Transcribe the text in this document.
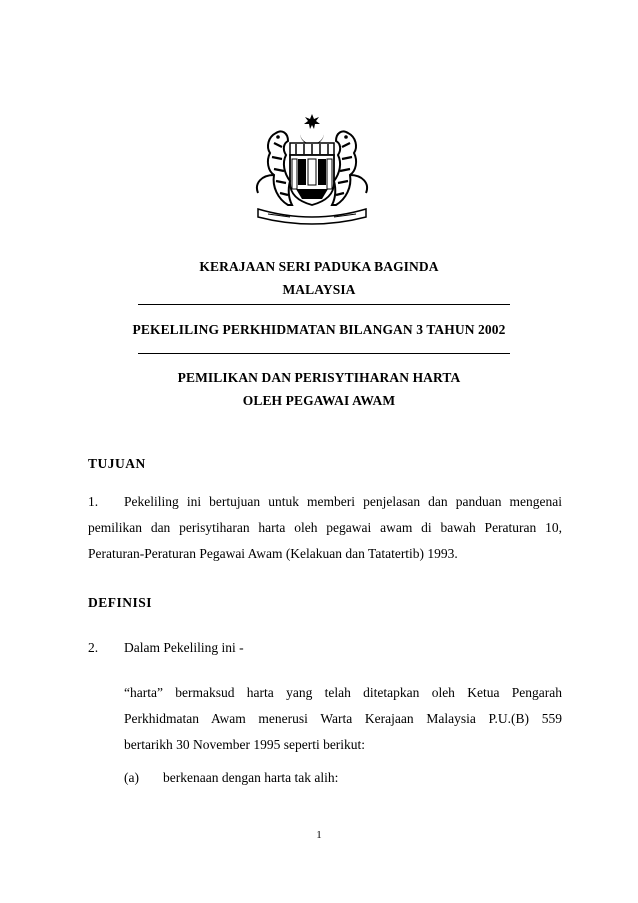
KERAJAAN SERI PADUKA BAGINDA
MALAYSIA
PEKELILING PERKHIDMATAN BILANGAN 3 TAHUN 2002
PEMILIKAN DAN PERISYTIHARAN HARTA
OLEH PEGAWAI AWAM
TUJUAN
1. Pekeliling ini bertujuan untuk memberi penjelasan dan panduan mengenai
pemilikan dan perisytiharan harta oleh pegawai awam di bawah Peraturan 10,
Peraturan-Peraturan Pegawai Awam (Kelakuan dan Tatatertib) 1993.
DEFINISI
2. Dalam Pekeliling ini -
“harta” bermaksud harta yang telah ditetapkan oleh Ketua Pengarah
Perkhidmatan Awam menerusi Warta Kerajaan Malaysia P.U.(B) 559
bertarikh 30 November 1995 seperti berikut:
(a) berkenaan dengan harta tak alih:
1
